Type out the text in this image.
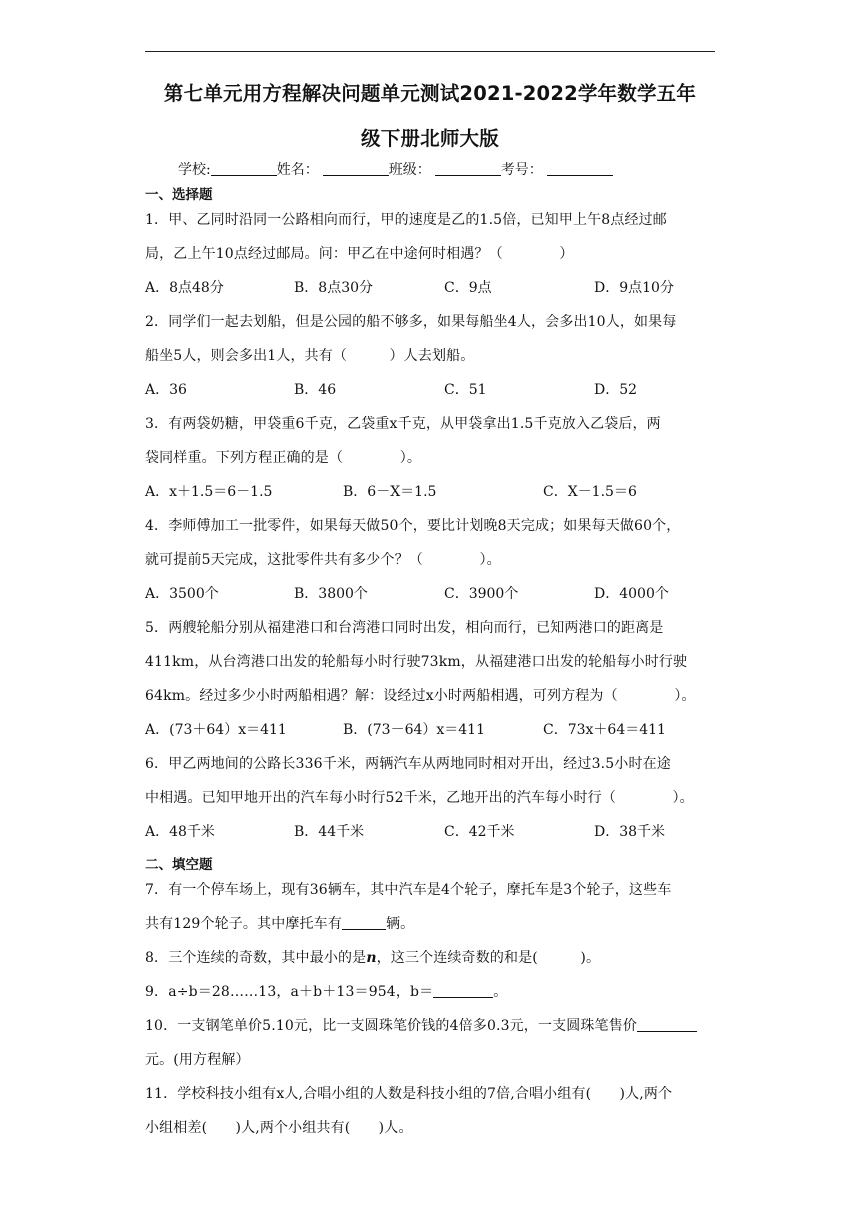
第七单元用方程解决问题单元测试2021-2022学年数学五年
级下册北师大版
学校:	姓名：	班级：	考号：
一、选择题
1．甲、乙同时沿同一公路相向而行，甲的速度是乙的1.5倍，已知甲上午8点经过邮
局，乙上午10点经过邮局。问：甲乙在中途何时相遇？（　　　　）
A．8点48分	B．8点30分	C．9点	D．9点10分
2．同学们一起去划船，但是公园的船不够多，如果每船坐4人，会多出10人，如果每
船坐5人，则会多出1人，共有（　　　）人去划船。
A．36	B．46	C．51	D．52
3．有两袋奶糖，甲袋重6千克，乙袋重x千克，从甲袋拿出1.5千克放入乙袋后，两
袋同样重。下列方程正确的是（　　　　）。
A．x＋1.5＝6－1.5	B．6－X＝1.5	C．X－1.5＝6
4．李师傅加工一批零件，如果每天做50个，要比计划晚8天完成；如果每天做60个，
就可提前5天完成，这批零件共有多少个？（　　　　）。
A．3500个	B．3800个	C．3900个	D．4000个
5．两艘轮船分别从福建港口和台湾港口同时出发，相向而行，已知两港口的距离是
411km，从台湾港口出发的轮船每小时行驶73km，从福建港口出发的轮船每小时行驶
64km。经过多少小时两船相遇？解：设经过x小时两船相遇，可列方程为（　　　　）。
A．(73＋64）x＝411	B．(73－64）x＝411	C．73x＋64＝411
6．甲乙两地间的公路长336千米，两辆汽车从两地同时相对开出，经过3.5小时在途
中相遇。已知甲地开出的汽车每小时行52千米，乙地开出的汽车每小时行（　　　　）。
A．48千米	B．44千米	C．42千米	D．38千米
二、填空题
7．有一个停车场上，现有36辆车，其中汽车是4个轮子，摩托车是3个轮子，这些车
共有129个轮子。其中摩托车有	辆。
8．三个连续的奇数，其中最小的是n，这三个连续奇数的和是(　　　)。
9．a÷b＝28……13，a＋b＋13＝954，b＝	。
10．一支钢笔单价5.10元，比一支圆珠笔价钱的4倍多0.3元，一支圆珠笔售价
元。(用方程解）
11．学校科技小组有x人,合唱小组的人数是科技小组的7倍,合唱小组有(　　)人,两个
小组相差(　　)人,两个小组共有(　　)人。
